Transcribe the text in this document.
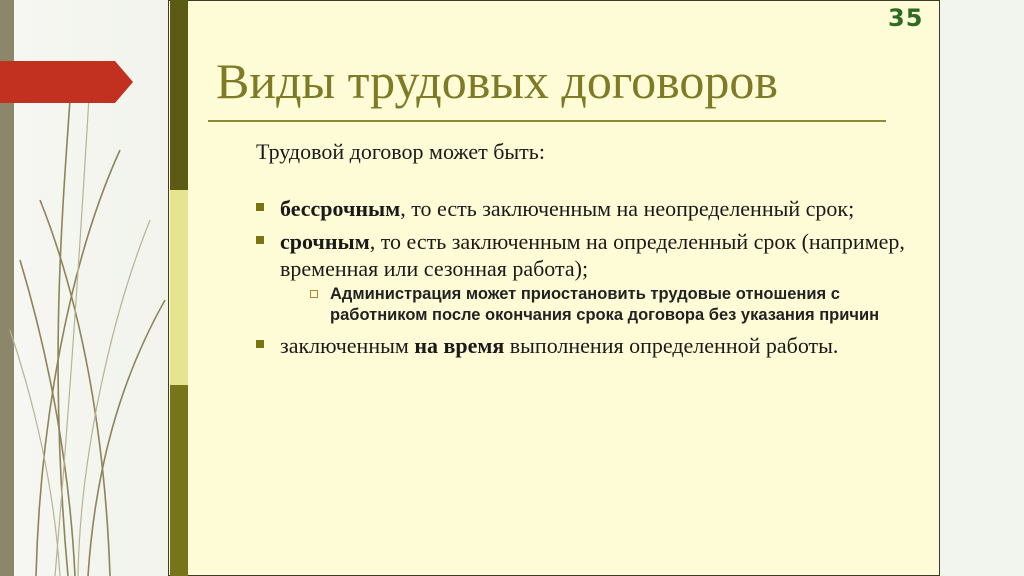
35
Виды трудовых договоров

Трудовой договор может быть:

бессрочным, то есть заключенным на неопределенный срок;
срочным, то есть заключенным на определенный срок (например, временная или сезонная работа);
Администрация может приостановить трудовые отношения с работником после окончания срока договора без указания причин
заключенным на время выполнения определенной работы.
